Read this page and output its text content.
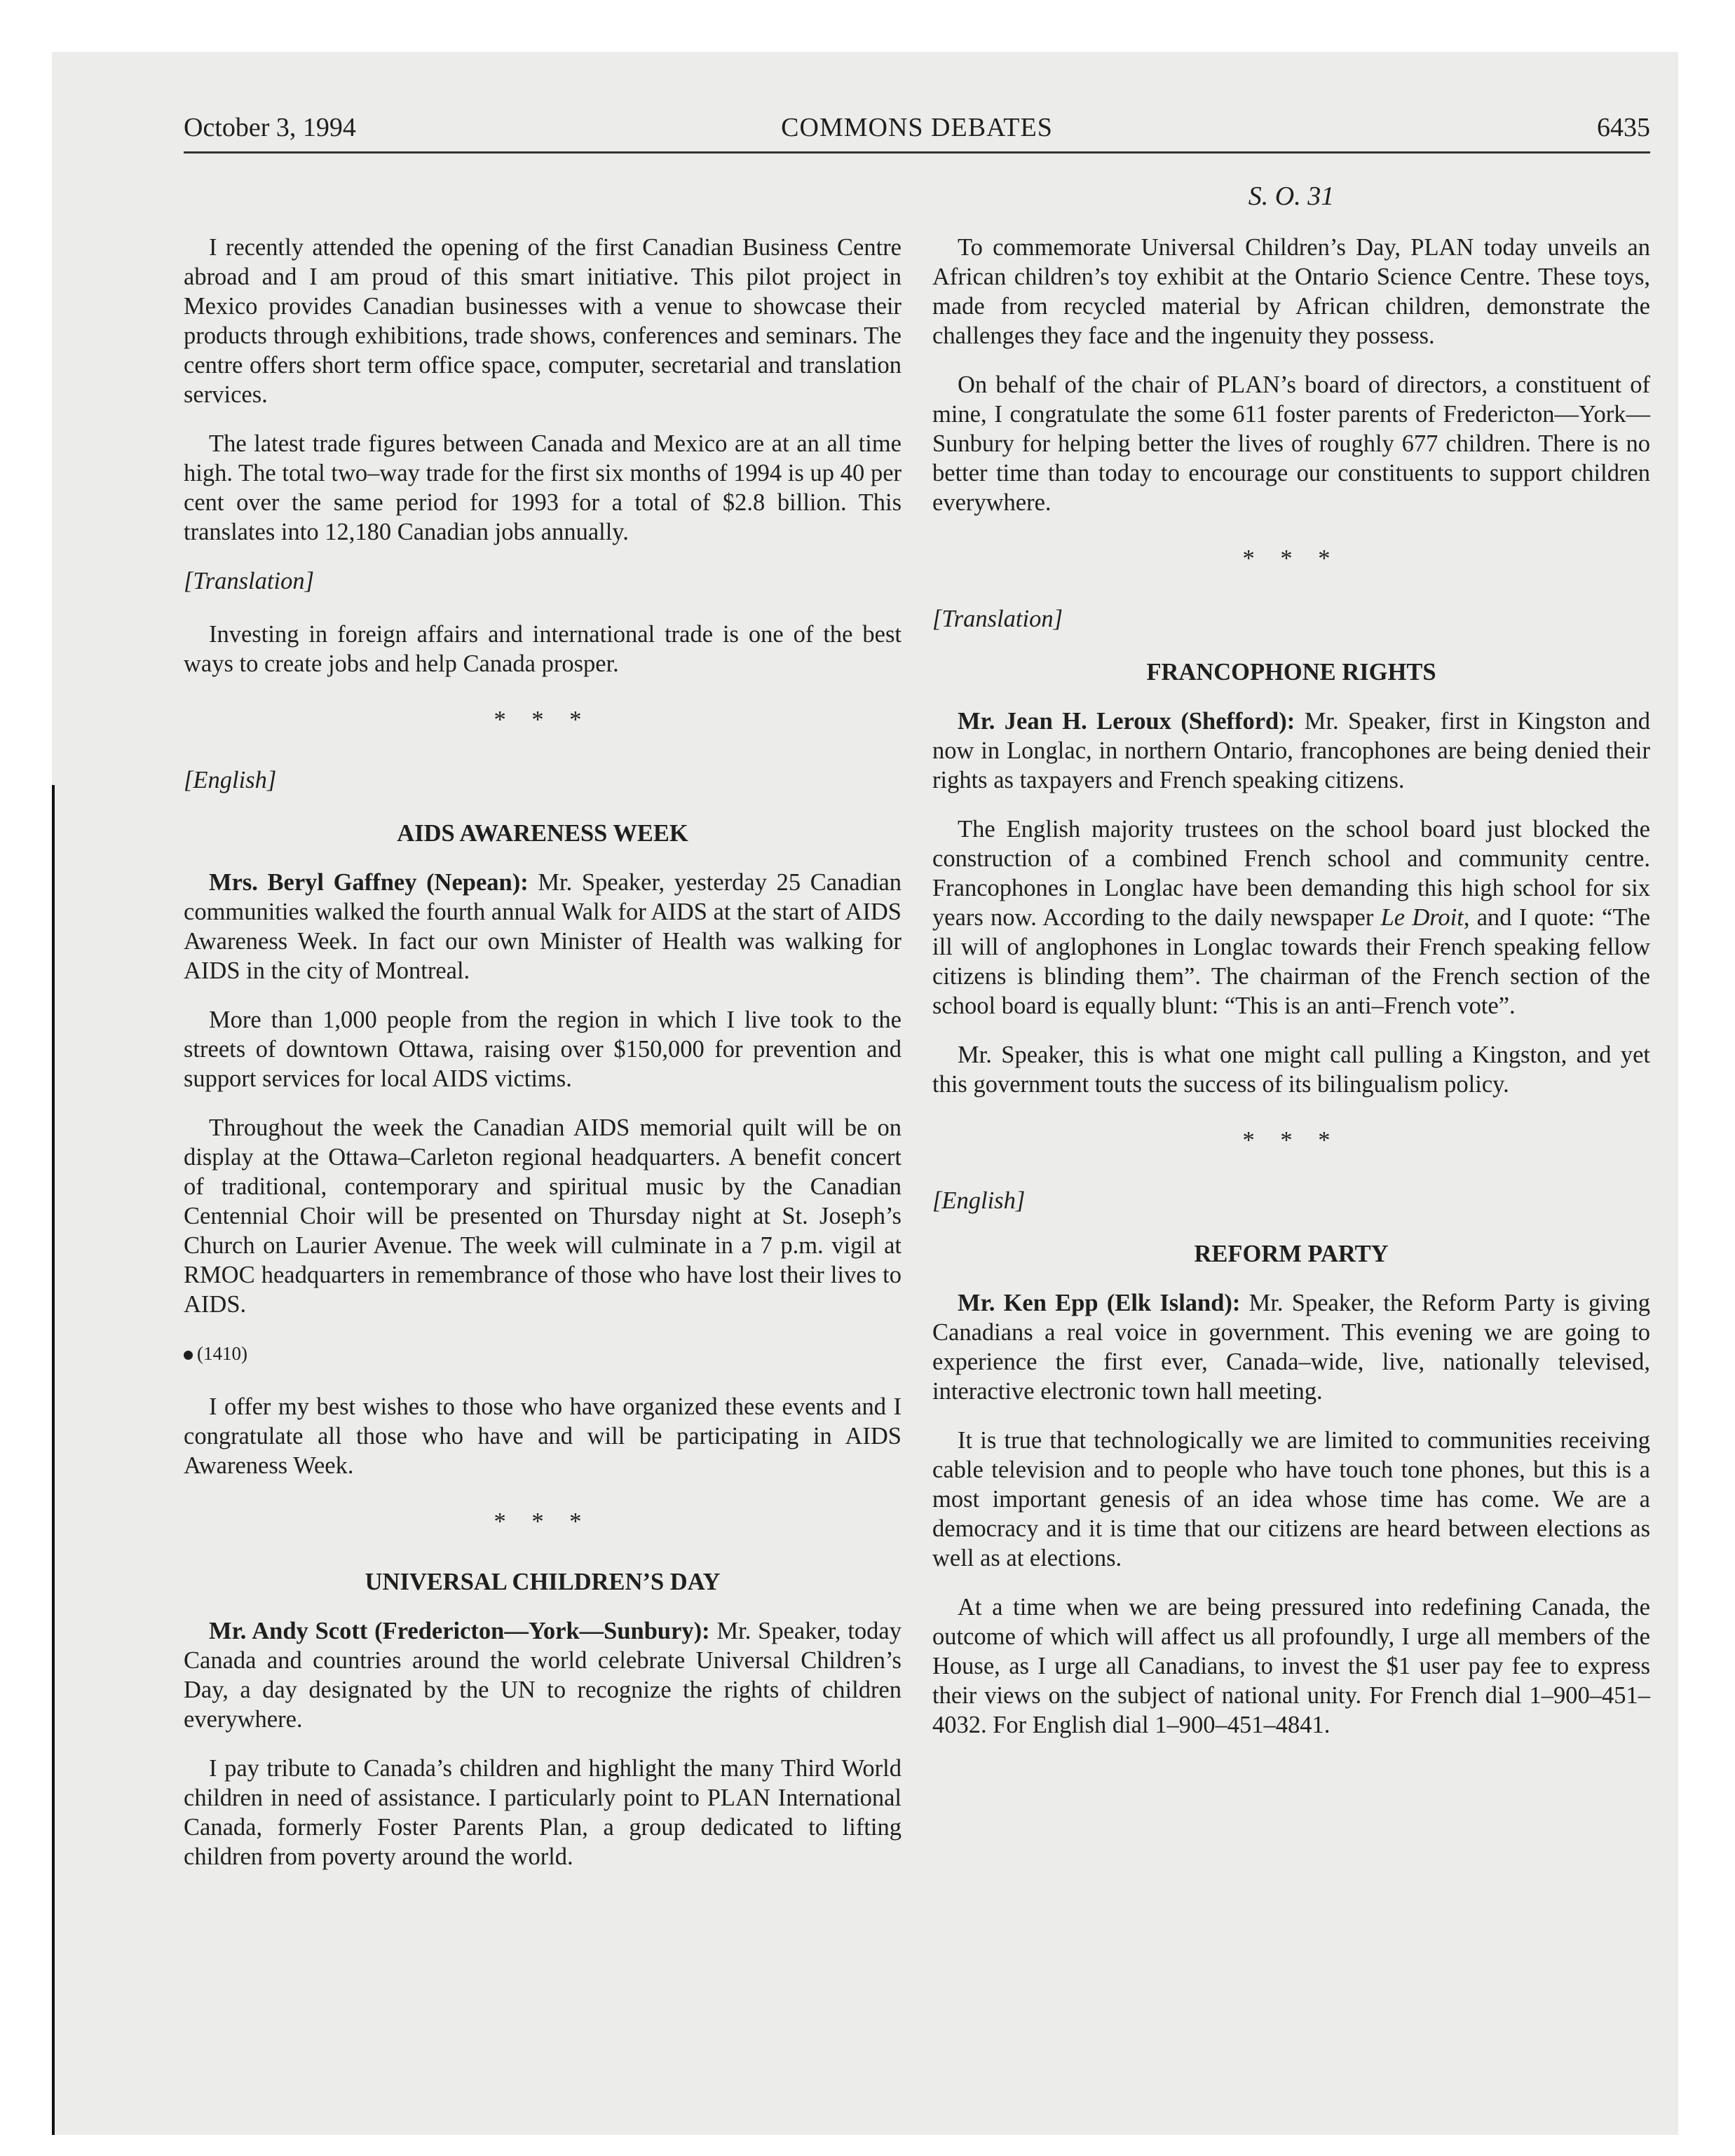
October 3, 1994	COMMONS DEBATES	6435
S. O. 31

I recently attended the opening of the first Canadian Business Centre abroad and I am proud of this smart initiative. This pilot project in Mexico provides Canadian businesses with a venue to showcase their products through exhibitions, trade shows, conferences and seminars. The centre offers short term office space, computer, secretarial and translation services.

The latest trade figures between Canada and Mexico are at an all time high. The total two–way trade for the first six months of 1994 is up 40 per cent over the same period for 1993 for a total of $2.8 billion. This translates into 12,180 Canadian jobs annually.

[Translation]

Investing in foreign affairs and international trade is one of the best ways to create jobs and help Canada prosper.

* * *

[English]

AIDS AWARENESS WEEK

Mrs. Beryl Gaffney (Nepean): Mr. Speaker, yesterday 25 Canadian communities walked the fourth annual Walk for AIDS at the start of AIDS Awareness Week. In fact our own Minister of Health was walking for AIDS in the city of Montreal.

More than 1,000 people from the region in which I live took to the streets of downtown Ottawa, raising over $150,000 for prevention and support services for local AIDS victims.

Throughout the week the Canadian AIDS memorial quilt will be on display at the Ottawa–Carleton regional headquarters. A benefit concert of traditional, contemporary and spiritual music by the Canadian Centennial Choir will be presented on Thursday night at St. Joseph’s Church on Laurier Avenue. The week will culminate in a 7 p.m. vigil at RMOC headquarters in remembrance of those who have lost their lives to AIDS.

(1410)

I offer my best wishes to those who have organized these events and I congratulate all those who have and will be participating in AIDS Awareness Week.

* * *

UNIVERSAL CHILDREN’S DAY

Mr. Andy Scott (Fredericton—York—Sunbury): Mr. Speaker, today Canada and countries around the world celebrate Universal Children’s Day, a day designated by the UN to recognize the rights of children everywhere.

I pay tribute to Canada’s children and highlight the many Third World children in need of assistance. I particularly point to PLAN International Canada, formerly Foster Parents Plan, a group dedicated to lifting children from poverty around the world.

To commemorate Universal Children’s Day, PLAN today unveils an African children’s toy exhibit at the Ontario Science Centre. These toys, made from recycled material by African children, demonstrate the challenges they face and the ingenuity they possess.

On behalf of the chair of PLAN’s board of directors, a constituent of mine, I congratulate the some 611 foster parents of Fredericton—York—Sunbury for helping better the lives of roughly 677 children. There is no better time than today to encourage our constituents to support children everywhere.

* * *

[Translation]

FRANCOPHONE RIGHTS

Mr. Jean H. Leroux (Shefford): Mr. Speaker, first in Kingston and now in Longlac, in northern Ontario, francophones are being denied their rights as taxpayers and French speaking citizens.

The English majority trustees on the school board just blocked the construction of a combined French school and community centre. Francophones in Longlac have been demanding this high school for six years now. According to the daily newspaper Le Droit, and I quote: “The ill will of anglophones in Longlac towards their French speaking fellow citizens is blinding them”. The chairman of the French section of the school board is equally blunt: “This is an anti–French vote”.

Mr. Speaker, this is what one might call pulling a Kingston, and yet this government touts the success of its bilingualism policy.

* * *

[English]

REFORM PARTY

Mr. Ken Epp (Elk Island): Mr. Speaker, the Reform Party is giving Canadians a real voice in government. This evening we are going to experience the first ever, Canada–wide, live, nationally televised, interactive electronic town hall meeting.

It is true that technologically we are limited to communities receiving cable television and to people who have touch tone phones, but this is a most important genesis of an idea whose time has come. We are a democracy and it is time that our citizens are heard between elections as well as at elections.

At a time when we are being pressured into redefining Canada, the outcome of which will affect us all profoundly, I urge all members of the House, as I urge all Canadians, to invest the $1 user pay fee to express their views on the subject of national unity. For French dial 1–900–451–4032. For English dial 1–900–451–4841.
